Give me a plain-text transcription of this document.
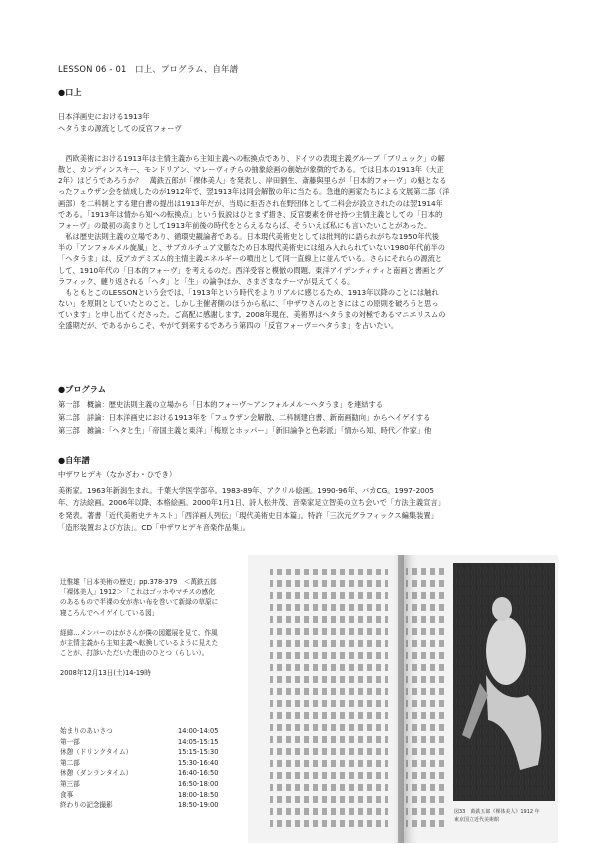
LESSON 06 - 01　口上、プログラム、自年譜
●口上
日本洋画史における1913年
ヘタうまの源流としての反官フォーヴ
　西欧美術における1913年は主情主義から主知主義への転換点であり、ドイツの表現主義グループ「ブリュック」の解
散と、カンディンスキー、モンドリアン、マレーヴィチらの抽象絵画の創始が象徴的である。では日本の1913年（大正
2年）はどうであろうか？　萬鉄五郎が「裸体美人」を発表し、岸田劉生、斎藤與里らが「日本的フォーヴ」の魁となる
ったフュウザン会を結成したのが1912年で、翌1913年は同会解散の年に当たる。急進的画家たちによる文展第二部（洋
画部）を二科制とする建白書の提出は1913年だが、当局に拒否され在野団体として二科会が設立されたのは翌1914年
である。「1913年は情から知への転換点」という仮説はひとまず措き、反官要素を併せ持つ主情主義としての「日本的
フォーヴ」の最初の高まりとして1913年前後の時代をとらえるならば、そういえば私にも言いたいことがあった。
　私は歴史法則主義の立場であり、循環史観論者である。日本現代美術史としては批判的に語られがちな1950年代後
半の「アンフォルメル旋風」と、サブカルチュア文脈なため日本現代美術史には組み入れられていない1980年代前半の
「ヘタうま」は、反アカデミズム的主情主義エネルギーの噴出として同一直線上に並んでいる。さらにそれらの源流と
して、1910年代の「日本的フォーヴ」を考えるのだ。西洋受容と模倣の問題、東洋アイデンティティと南画と書画とグ
ラフィック、縺り返される「ヘタ」と「生」の論争ほか、さまざまなテーマが見えてくる。
　もともとこのLESSONという会では、「1913年という時代をよりリアルに感じるため、1913年以降のことには触れ
ない」を原則としていたとのこと。しかし主催者側のほうから私に、「中ザワさんのときにはこの原則を破ろうと思っ
ています」と申し出てくださった。ご高配に感謝します。2008年現在、美術界はヘタうまの対極であるマニエリスムの
全盛期だが、であるからこそ、やがて到来するであろう第四の「反官フォーヴ＝ヘタうま」を占いたい。
●プログラム
第一部　 概論：歴史法則主義の立場から「日本的フォーヴ〜アンフォルメル〜ヘタうま」を連結する
第二部　 詳論：日本洋画史における1913年を「フュウザン会解散、二科制建白書、新南画勧向」からヘイゲイする
第三部　 雑論：「ヘタと生」「帝国主義と東洋」「梅原とホッパー」「新旧論争と色彩派」「情から知、時代／作家」他
●自年譜
中ザワヒデキ（なかざわ・ひでき）
美術家。1963年新潟生まれ。千葉大学医学部卒。1983-89年、アクリル絵画。1990-96年、バカCG。1997-2005
年、方法絵画。2006年以降、本格絵画。2000年1月1日、詩人松井茂、音楽家足立智美の立ち会いで「方法主義宣言」
を発表。著書「近代美術史テキスト」「西洋画人列伝」「現代美術史日本篇」。特許「三次元グラフィックス編集装置」
「造形装置および方法」。CD「中ザワヒデキ音楽作品集」。
辻惟雄「日本美術の歴史」pp.378-379　＜萬鉄五郎
「裸体美人」1912＞「これはゴッホやマチスの感化
のあるもので半裸の女が赤い布を巻いて新緑の草原に
寝ころんでヘイゲイしている図」
経緯…メンバーのはがさんが僕の図鑑展を見て、作風
が主情主義から主知主義へ転換しているように見えた
ことが、打診いただいた理由のひとつ（らしい）。
2008年12月13日(土)14-19時
始まりのあいさつ	14:00-14:05
第一部	14:05-15:15
休憩（ドリンクタイム）	15:15-15:30
第二部	15:30-16:40
休憩（ダンランタイム）	16:40-16:50
第三部	16:50-18:00
食事	18:00-18:50
終わりの記念撮影	18:50-19:00
図33　萬鉄五郎《裸体美人》1912 年
東京国立近代美術館
